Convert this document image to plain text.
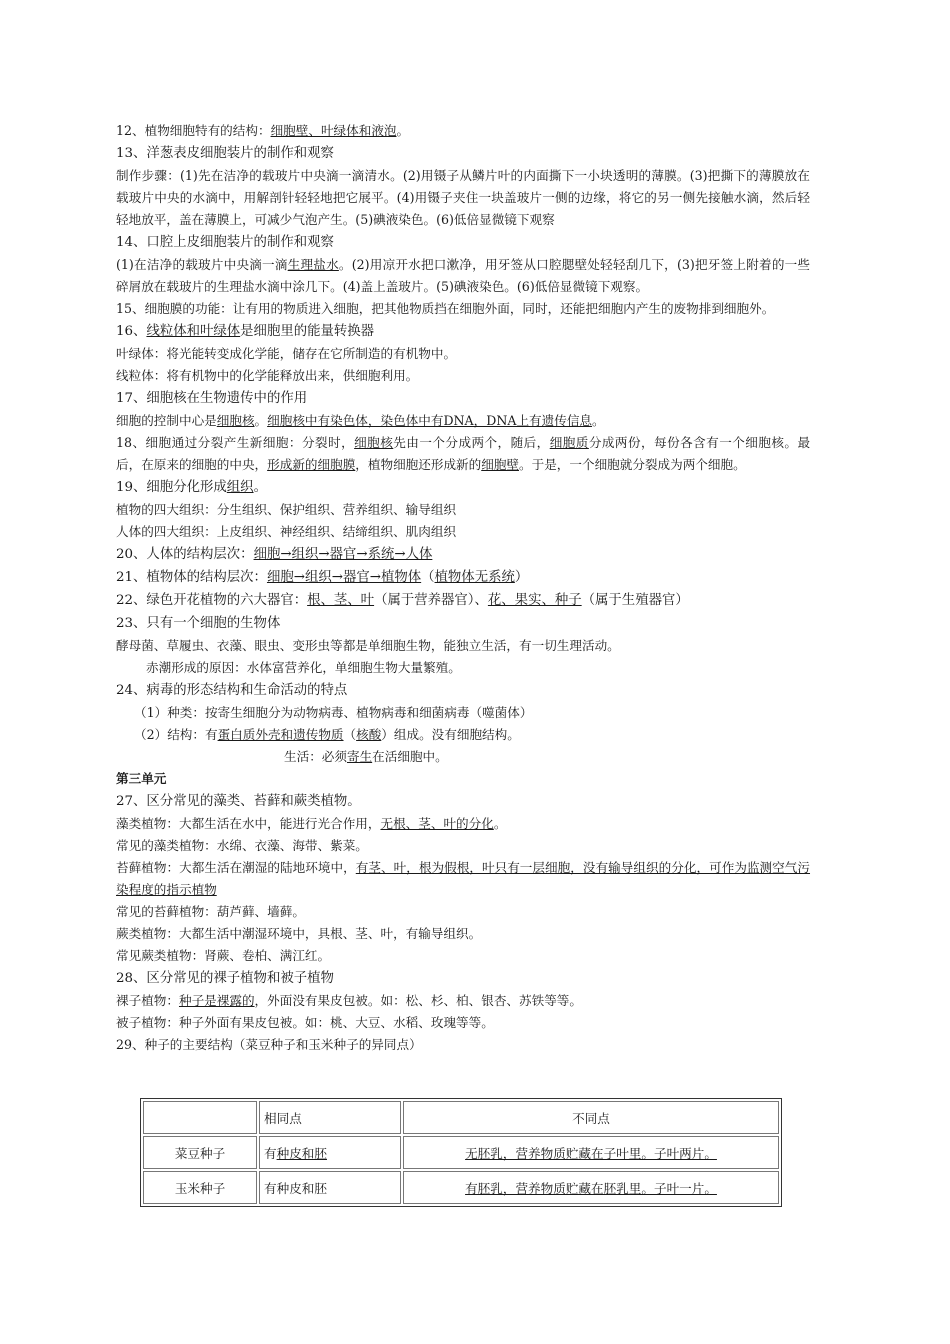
12、植物细胞特有的结构：细胞壁、叶绿体和液泡。

13、洋葱表皮细胞装片的制作和观察

制作步骤：(1)先在洁净的载玻片中央滴一滴清水。(2)用镊子从鳞片叶的内面撕下一小块透明的薄膜。(3)把撕下的薄膜放在载玻片中央的水滴中，用解剖针轻轻地把它展平。(4)用镊子夹住一块盖玻片一侧的边缘，将它的另一侧先接触水滴，然后轻轻地放平，盖在薄膜上，可减少气泡产生。(5)碘液染色。(6)低倍显微镜下观察

14、口腔上皮细胞装片的制作和观察

(1)在洁净的载玻片中央滴一滴生理盐水。(2)用凉开水把口漱净，用牙签从口腔腮壁处轻轻刮几下，(3)把牙签上附着的一些碎屑放在载玻片的生理盐水滴中涂几下。(4)盖上盖玻片。(5)碘液染色。(6)低倍显微镜下观察。

15、细胞膜的功能：让有用的物质进入细胞，把其他物质挡在细胞外面，同时，还能把细胞内产生的废物排到细胞外。

16、线粒体和叶绿体是细胞里的能量转换器

叶绿体：将光能转变成化学能，储存在它所制造的有机物中。

线粒体：将有机物中的化学能释放出来，供细胞利用。

17、细胞核在生物遗传中的作用

细胞的控制中心是细胞核。细胞核中有染色体，染色体中有DNA，DNA上有遗传信息。

18、细胞通过分裂产生新细胞：分裂时，细胞核先由一个分成两个，随后，细胞质分成两份，每份各含有一个细胞核。最后，在原来的细胞的中央，形成新的细胞膜，植物细胞还形成新的细胞壁。于是，一个细胞就分裂成为两个细胞。

19、细胞分化形成组织。

植物的四大组织：分生组织、保护组织、营养组织、输导组织

人体的四大组织：上皮组织、神经组织、结缔组织、肌肉组织

20、人体的结构层次：细胞→组织→器官→系统→人体

21、植物体的结构层次：细胞→组织→器官→植物体（植物体无系统）

22、绿色开花植物的六大器官：根、茎、叶（属于营养器官）、花、果实、种子（属于生殖器官）

23、只有一个细胞的生物体

酵母菌、草履虫、衣藻、眼虫、变形虫等都是单细胞生物，能独立生活，有一切生理活动。

赤潮形成的原因：水体富营养化，单细胞生物大量繁殖。

24、病毒的形态结构和生命活动的特点

（1）种类：按寄生细胞分为动物病毒、植物病毒和细菌病毒（噬菌体）

（2）结构：有蛋白质外壳和遗传物质（核酸）组成。没有细胞结构。

生活：必须寄生在活细胞中。

第三单元

27、区分常见的藻类、苔藓和蕨类植物。

藻类植物：大都生活在水中，能进行光合作用，无根、茎、叶的分化。

常见的藻类植物：水绵、衣藻、海带、紫菜。

苔藓植物：大都生活在潮湿的陆地环境中，有茎、叶，根为假根，叶只有一层细胞，没有输导组织的分化，可作为监测空气污染程度的指示植物

常见的苔藓植物：葫芦藓、墙藓。

蕨类植物：大都生活中潮湿环境中，具根、茎、叶，有输导组织。

常见蕨类植物：肾蕨、卷柏、满江红。

28、区分常见的裸子植物和被子植物

裸子植物：种子是裸露的，外面没有果皮包被。如：松、杉、柏、银杏、苏铁等等。

被子植物：种子外面有果皮包被。如：桃、大豆、水稻、玫瑰等等。

29、种子的主要结构（菜豆种子和玉米种子的异同点）

	相同点	不同点
菜豆种子	有种皮和胚	无胚乳，营养物质贮藏在子叶里。子叶两片。
玉米种子	有种皮和胚	有胚乳，营养物质贮藏在胚乳里。子叶一片。
